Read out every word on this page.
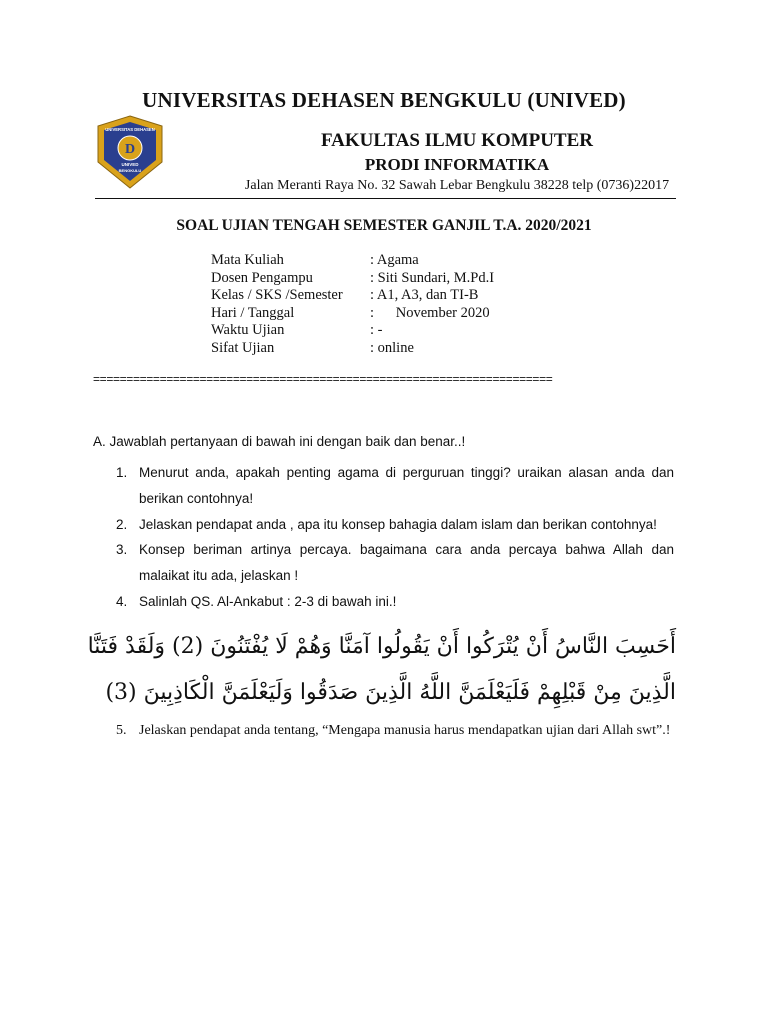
UNIVERSITAS DEHASEN BENGKULU (UNIVED)
UNIVERSITAS DEHASEN
D
UNIVED
BENGKULU
FAKULTAS ILMU KOMPUTER
PRODI INFORMATIKA
Jalan Meranti Raya No. 32 Sawah Lebar Bengkulu 38228 telp (0736)22017
SOAL UJIAN TENGAH SEMESTER GANJIL T.A. 2020/2021
Mata Kuliah	: Agama
Dosen Pengampu	: Siti Sundari, M.Pd.I
Kelas / SKS /Semester	: A1, A3, dan TI-B
Hari / Tanggal	:      November 2020
Waktu Ujian	: -
Sifat Ujian	: online
=====================================================================
A. Jawablah pertanyaan di bawah ini dengan baik dan benar..!
1. Menurut anda, apakah penting agama di perguruan tinggi? uraikan alasan anda dan berikan contohnya!
2. Jelaskan pendapat anda , apa itu konsep bahagia dalam islam dan berikan contohnya!
3. Konsep beriman artinya percaya. bagaimana cara anda percaya bahwa Allah dan malaikat itu ada, jelaskan !
4. Salinlah QS. Al-Ankabut : 2-3 di bawah ini.!
أَحَسِبَ النَّاسُ أَنْ يُتْرَكُوا أَنْ يَقُولُوا آمَنَّا وَهُمْ لَا يُفْتَنُونَ (2) وَلَقَدْ فَتَنَّا
الَّذِينَ مِنْ قَبْلِهِمْ فَلَيَعْلَمَنَّ اللَّهُ الَّذِينَ صَدَقُوا وَلَيَعْلَمَنَّ الْكَاذِبِينَ (3)
5. Jelaskan pendapat anda tentang, “Mengapa manusia harus mendapatkan ujian dari Allah swt”.!
